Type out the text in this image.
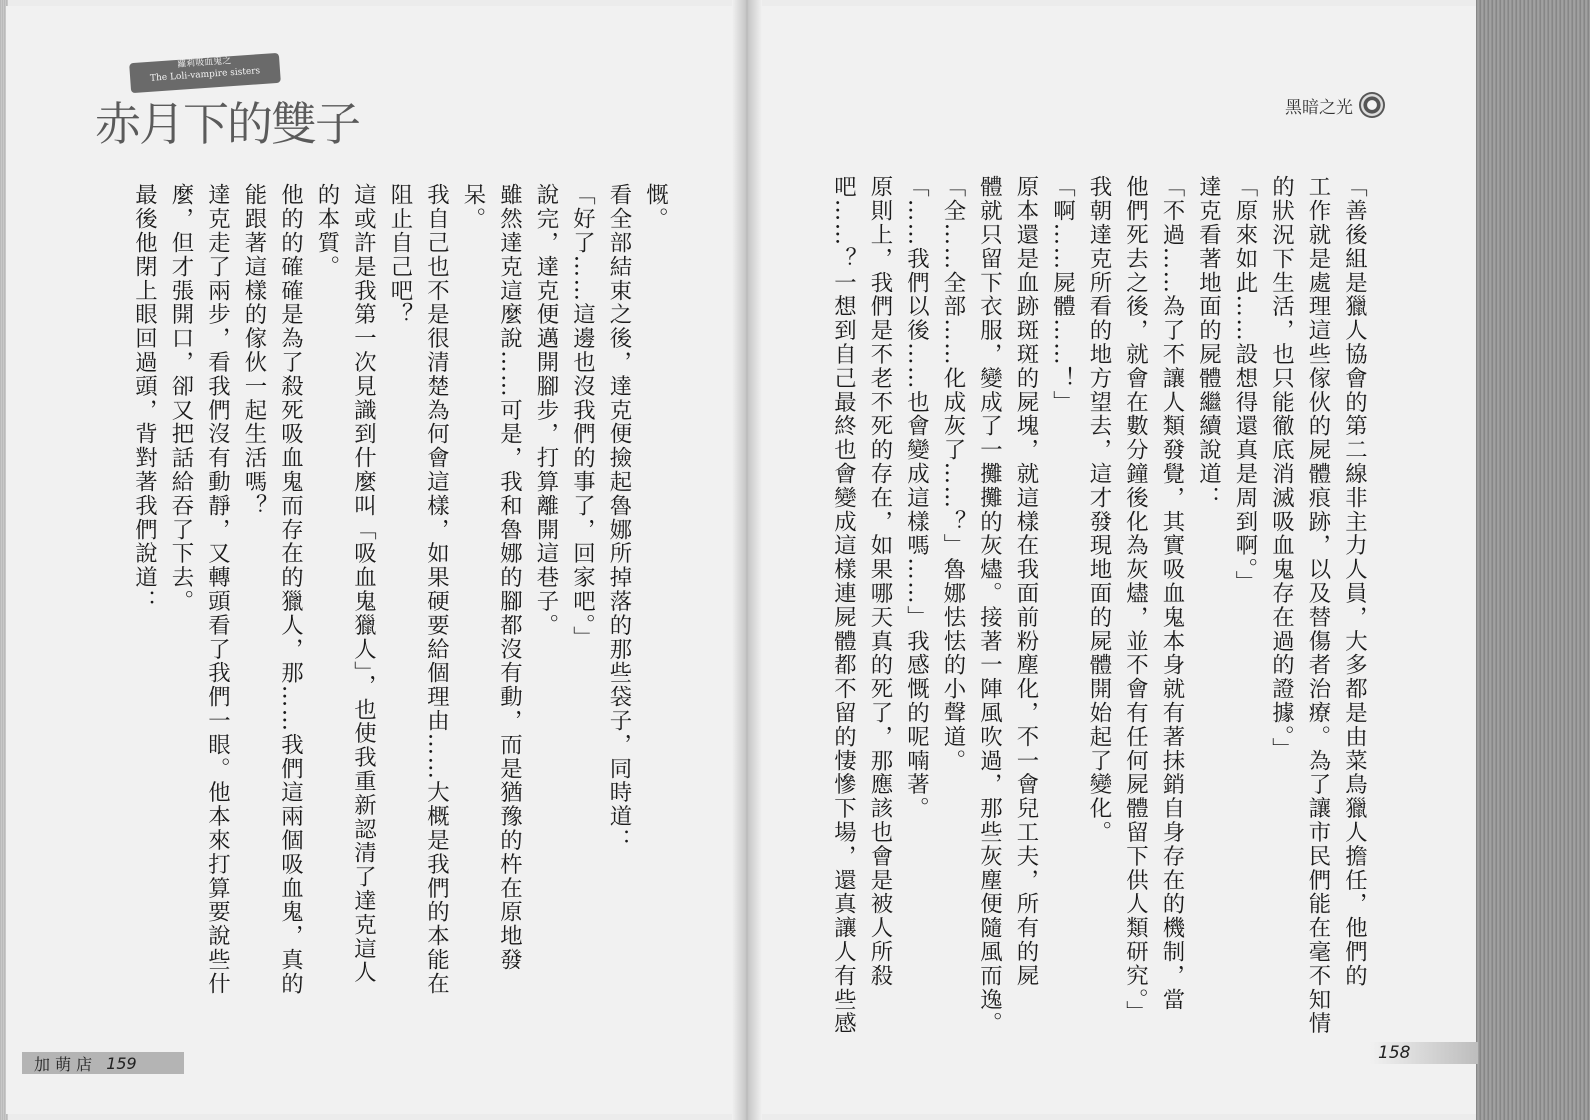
蘿莉吸血鬼之
The Loli-vampire sisters
赤月下的雙子	黑暗之光
慨。
看全部結束之後，達克便撿起魯娜所掉落的那些袋子，同時道：
「好了……這邊也沒我們的事了，回家吧。」
說完，達克便邁開腳步，打算離開這巷子。
雖然達克這麼說……可是，我和魯娜的腳都沒有動，而是猶豫的杵在原地發
呆。
我自己也不是很清楚為何會這樣，如果硬要給個理由……大概是我們的本能在
阻止自己吧？
這或許是我第一次見識到什麼叫「吸血鬼獵人」，也使我重新認清了達克這人
的本質。
他的的確確是為了殺死吸血鬼而存在的獵人，那……我們這兩個吸血鬼，真的
能跟著這樣的傢伙一起生活嗎？
達克走了兩步，看我們沒有動靜，又轉頭看了我們一眼。他本來打算要說些什
麼，但才張開口，卻又把話給吞了下去。
最後他閉上眼回過頭，背對著我們說道：	「善後組是獵人協會的第二線非主力人員，大多都是由菜鳥獵人擔任，他們的
工作就是處理這些傢伙的屍體痕跡，以及替傷者治療。為了讓市民們能在毫不知情
的狀況下生活，也只能徹底消滅吸血鬼存在過的證據。」
「原來如此……設想得還真是周到啊。」
達克看著地面的屍體繼續說道：
「不過……為了不讓人類發覺，其實吸血鬼本身就有著抹銷自身存在的機制，當
他們死去之後，就會在數分鐘後化為灰燼，並不會有任何屍體留下供人類研究。」
我朝達克所看的地方望去，這才發現地面的屍體開始起了變化。
「啊……屍體……！」
原本還是血跡斑斑的屍塊，就這樣在我面前粉塵化，不一會兒工夫，所有的屍
體就只留下衣服，變成了一攤攤的灰燼。接著一陣風吹過，那些灰塵便隨風而逸。
「全……全部……化成灰了……？」魯娜怯怯的小聲道。
「……我們以後……也會變成這樣嗎……」我感慨的呢喃著。
原則上，我們是不老不死的存在，如果哪天真的死了，那應該也會是被人所殺
吧……？一想到自己最終也會變成這樣連屍體都不留的悽慘下場，還真讓人有些感
加 萌 店 159	158
